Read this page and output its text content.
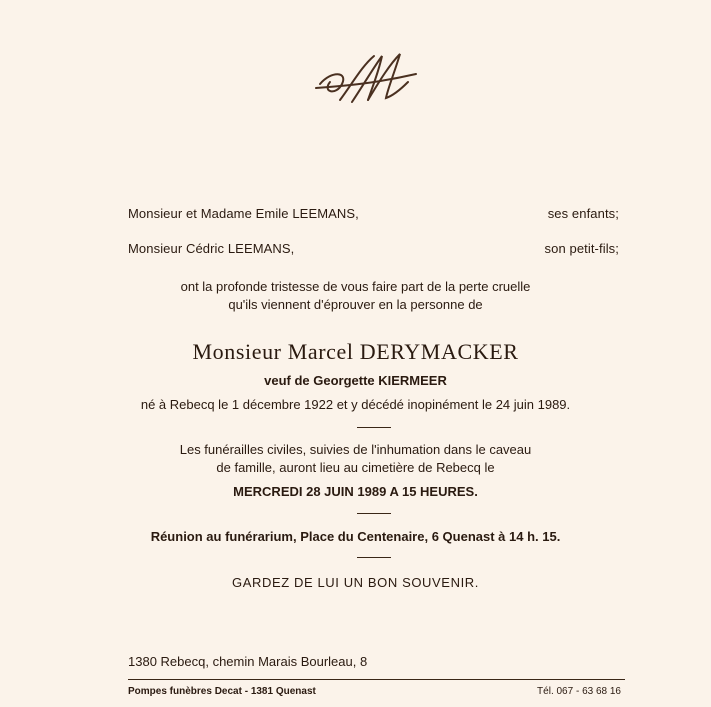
Monsieur et Madame Emile LEEMANS,	ses enfants;
Monsieur Cédric LEEMANS,	son petit-fils;
ont la profonde tristesse de vous faire part de la perte cruelle
qu'ils viennent d'éprouver en la personne de
Monsieur Marcel DERYMACKER
veuf de Georgette KIERMEER
né à Rebecq le 1 décembre 1922 et y décédé inopinément le 24 juin 1989.
Les funérailles civiles, suivies de l'inhumation dans le caveau
de famille, auront lieu au cimetière de Rebecq le
MERCREDI 28 JUIN 1989 A 15 HEURES.
Réunion au funérarium, Place du Centenaire, 6 Quenast à 14 h. 15.
GARDEZ DE LUI UN BON SOUVENIR.
1380 Rebecq, chemin Marais Bourleau, 8
Pompes funèbres Decat - 1381 Quenast	Tél. 067 - 63 68 16
